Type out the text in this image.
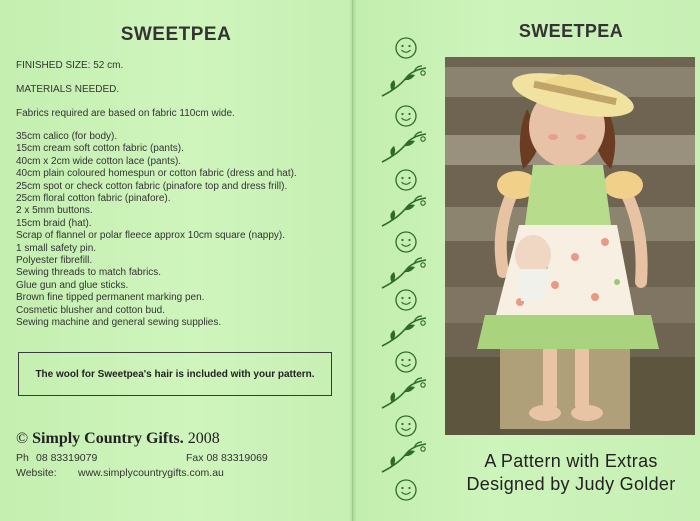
SWEETPEA
FINISHED SIZE: 52 cm.
MATERIALS NEEDED.
Fabrics required are based on fabric 110cm wide.
35cm calico (for body).
15cm cream soft cotton fabric (pants).
40cm x 2cm wide cotton lace (pants).
40cm plain coloured homespun or cotton fabric (dress and hat).
25cm spot or check cotton fabric (pinafore top and dress frill).
25cm floral cotton fabric (pinafore).
2 x 5mm buttons.
15cm braid (hat).
Scrap of flannel or polar fleece approx 10cm square (nappy).
1 small safety pin.
Polyester fibrefill.
Sewing threads to match fabrics.
Glue gun and glue sticks.
Brown fine tipped permanent marking pen.
Cosmetic blusher and cotton bud.
Sewing machine and general sewing supplies.
The wool for Sweetpea's hair is included with your pattern.
© Simply Country Gifts. 2008
Ph 08 83319079	Fax 08 83319069
Website: www.simplycountrygifts.com.au
SWEETPEA
A Pattern with Extras
Designed by Judy Golder
